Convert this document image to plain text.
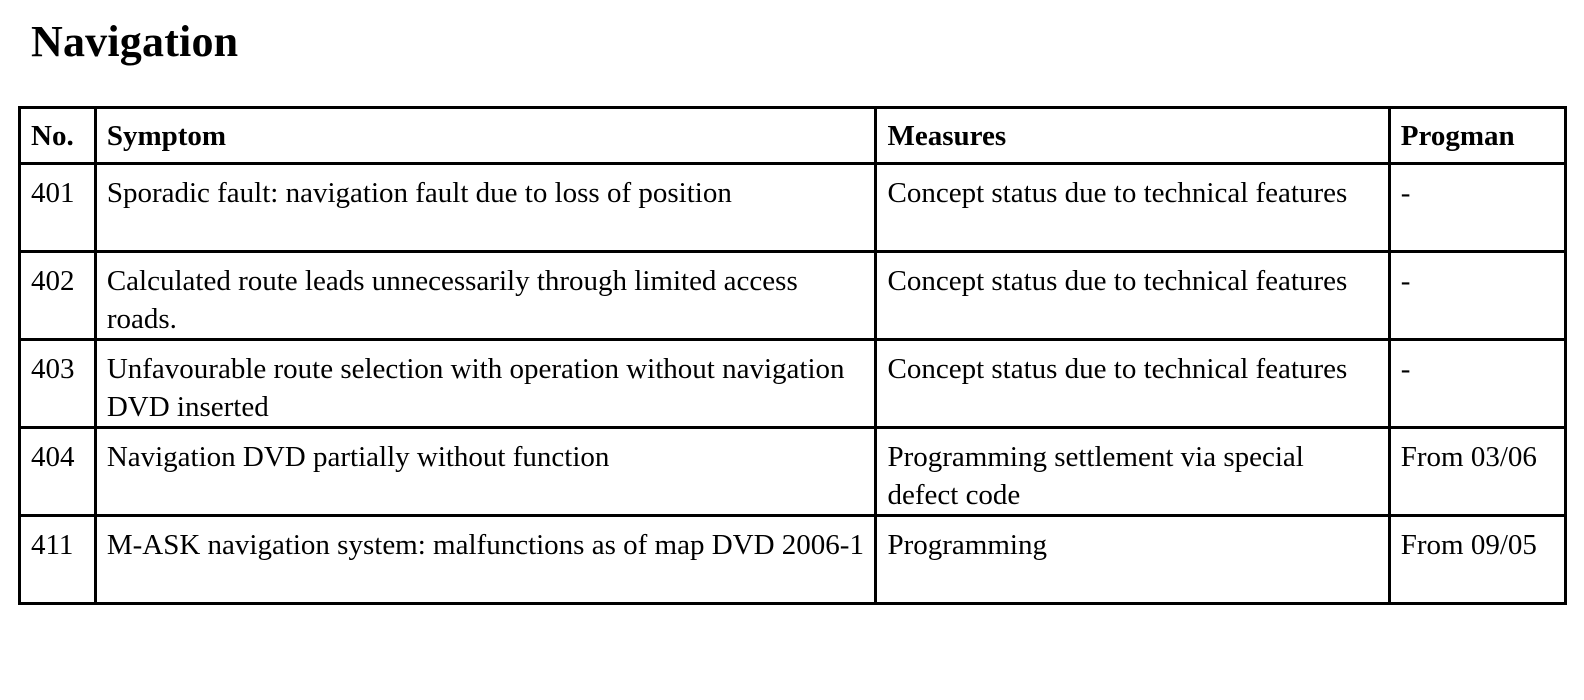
Navigation
No.	Symptom	Measures	Progman
401	Sporadic fault: navigation fault due to loss of position	Concept status due to technical features	-

402	Calculated route leads unnecessarily through limited access roads.	Concept status due to technical features	-

403	Unfavourable route selection with operation without navigation DVD inserted	Concept status due to technical features	-

404	Navigation DVD partially without function	Programming settlement via special defect code	From 03/06

411	M-ASK navigation system: malfunctions as of map DVD 2006-1	Programming	From 09/05
